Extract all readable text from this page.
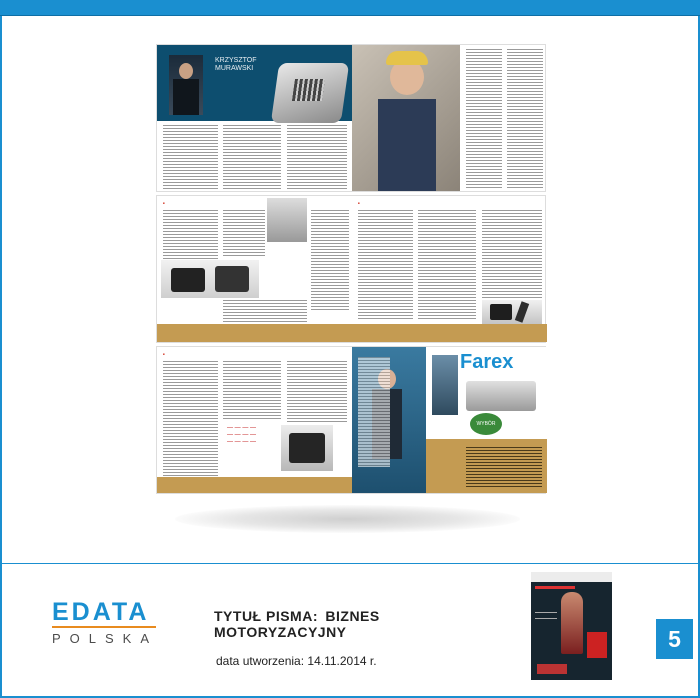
KRZYSZTOF MURAWSKI
■	■
■
— — — —
— — — —
— — — —
Farex
WYBÓR
EDATA
POLSKA
TYTUŁ PISMA: BIZNES MOTORYZACYJNY
data utworzenia: 14.11.2014 r.
5
